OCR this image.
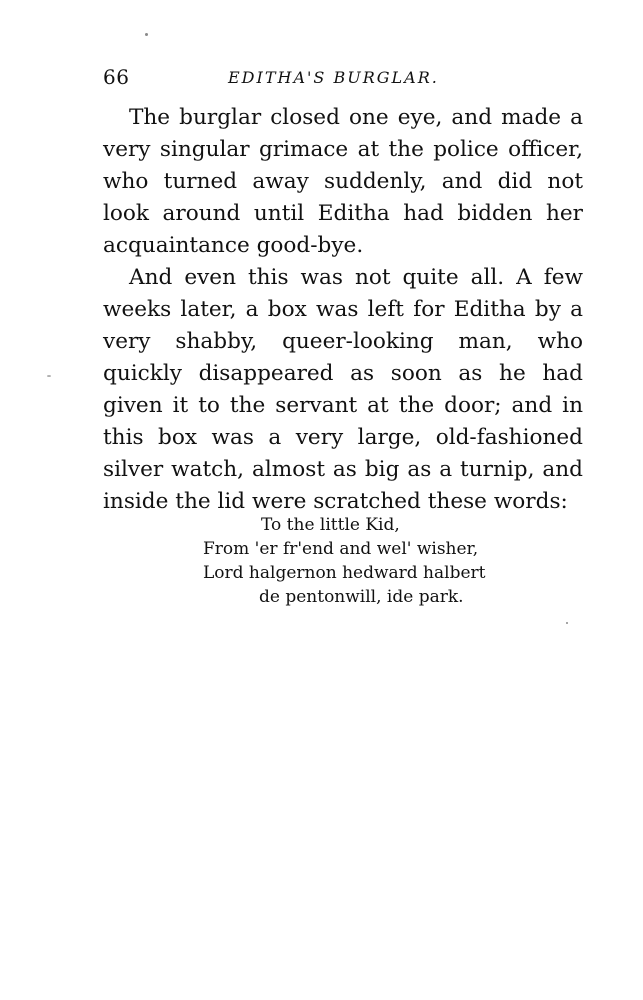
66	EDITHA'S BURGLAR.

The burglar closed one eye, and made a very singular grimace at the police officer, who turned away suddenly, and did not look around until Editha had bidden her acquaintance good-bye.

And even this was not quite all. A few weeks later, a box was left for Editha by a very shabby, queer-looking man, who quickly disappeared as soon as he had given it to the servant at the door; and in this box was a very large, old-fashioned silver watch, almost as big as a turnip, and inside the lid were scratched these words:

To the little Kid,
From 'er fr'end and wel' wisher,
Lord halgernon hedward halbert
de pentonwill, ide park.
